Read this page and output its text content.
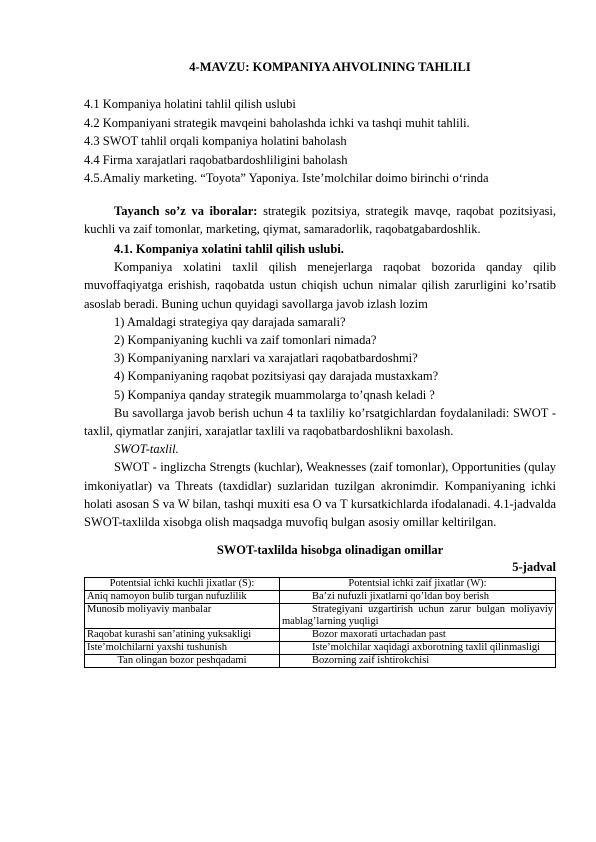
4-MAVZU: KOMPANIYA AHVOLINING TAHLILI
4.1 Kompaniya holatini tahlil qilish uslubi
4.2 Kompaniyani strategik mavqeini baholashda ichki va tashqi muhit tahlili.
4.3 SWOT tahlil orqali kompaniya holatini baholash
4.4 Firma xarajatlari raqobatbardoshliligini baholash
4.5.Amaliy marketing. “Toyota” Yaponiya. Iste’molchilar doimo birinchi o‘rinda

Tayanch so’z va iboralar: strategik pozitsiya, strategik mavqe, raqobat pozitsiyasi, kuchli va zaif tomonlar, marketing, qiymat, samaradorlik, raqobatgabardoshlik.

4.1. Kompaniya xolatini tahlil qilish uslubi.

Kompaniya xolatini taxlil qilish menejerlarga raqobat bozorida qanday qilib muvoffaqiyatga erishish, raqobatda ustun chiqish uchun nimalar qilish zarurligini ko’rsatib asoslab beradi. Buning uchun quyidagi savollarga javob izlash lozim

1) Amaldagi strategiya qay darajada samarali?
2) Kompaniyaning kuchli va zaif tomonlari nimada?
3) Kompaniyaning narxlari va xarajatlari raqobatbardoshmi?
4) Kompaniyaning raqobat pozitsiyasi qay darajada mustaxkam?
5) Kompaniya qanday strategik muammolarga to’qnash keladi ?

Bu savollarga javob berish uchun 4 ta taxliliy ko’rsatgichlardan foydalaniladi: SWOT - taxlil, qiymatlar zanjiri, xarajatlar taxlili va raqobatbardoshlikni baxolash.

SWOT-taxlil.

SWOT - inglizcha Strengts (kuchlar), Weaknesses (zaif tomonlar), Opportunities (qulay imkoniyatlar) va Threats (taxdidlar) suzlaridan tuzilgan akronimdir. Kompaniyaning ichki holati asosan S va W bilan, tashqi muxiti esa O va T kursatkichlarda ifodalanadi. 4.1-jadvalda SWOT-taxlilda xisobga olish maqsadga muvofiq bulgan asosiy omillar keltirilgan.

SWOT-taxlilda hisobga olinadigan omillar
5-jadval
Potentsial ichki kuchli jixatlar (S):	Potentsial ichki zaif jixatlar (W):
Aniq namoyon bulib turgan nufuzlilik	Ba’zi nufuzli jixatlarni qo’ldan boy berish
Munosib moliyaviy manbalar	Strategiyani uzgartirish uchun zarur bulgan moliyaviy mablag’larning yuqligi
Raqobat kurashi san’atining yuksakligi	Bozor maxorati urtachadan past
Iste’molchilarni yaxshi tushunish	Iste’molchilar xaqidagi axborotning taxlil qilinmasligi
Tan olingan bozor peshqadami	Bozorning zaif ishtirokchisi
